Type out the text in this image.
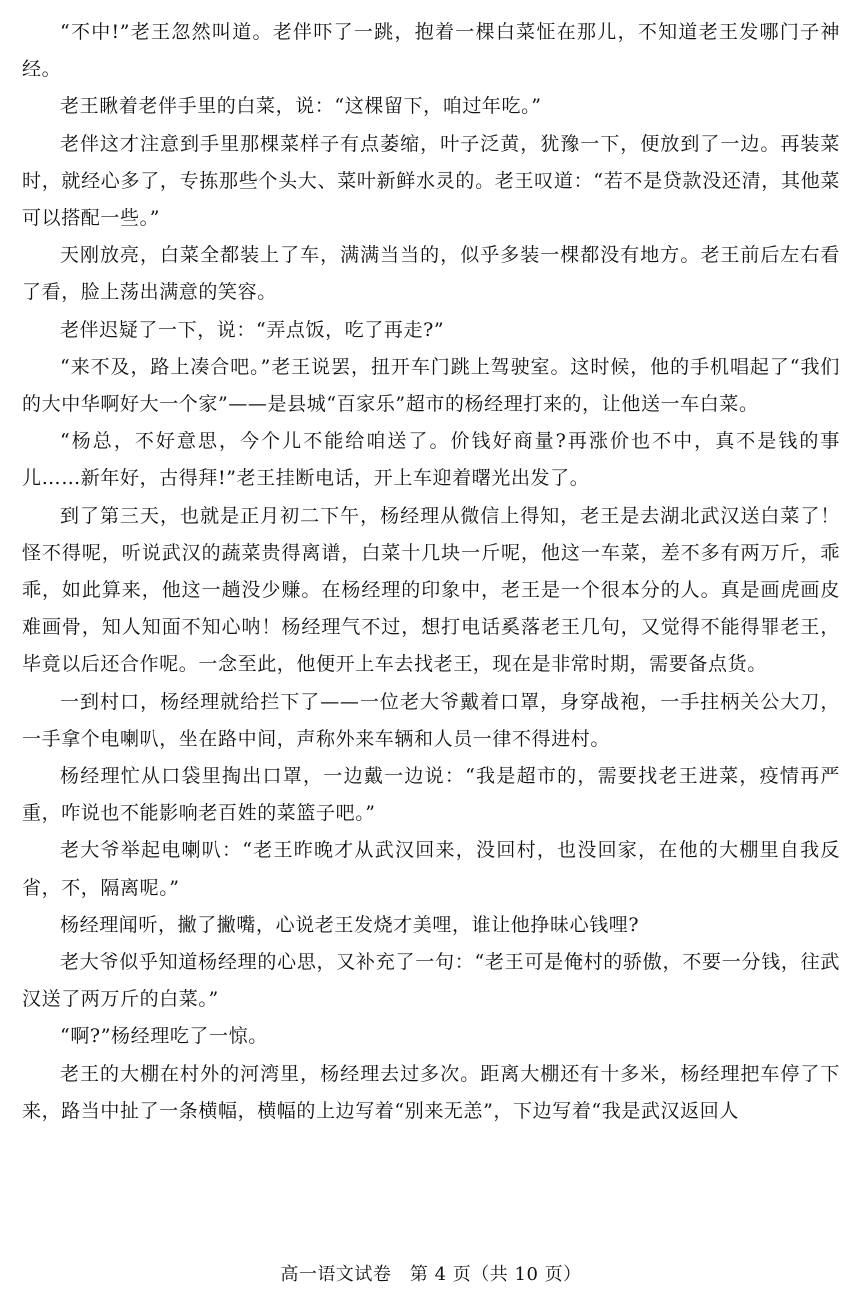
“不中!”老王忽然叫道。老伴吓了一跳，抱着一棵白菜怔在那儿，不知道老王发哪门子神经。

老王瞅着老伴手里的白菜，说：“这棵留下，咱过年吃。”

老伴这才注意到手里那棵菜样子有点萎缩，叶子泛黄，犹豫一下，便放到了一边。再装菜时，就经心多了，专拣那些个头大、菜叶新鲜水灵的。老王叹道：“若不是贷款没还清，其他菜可以搭配一些。”

天刚放亮，白菜全都装上了车，满满当当的，似乎多装一棵都没有地方。老王前后左右看了看，脸上荡出满意的笑容。

老伴迟疑了一下，说：“弄点饭，吃了再走?”

“来不及，路上凑合吧。”老王说罢，扭开车门跳上驾驶室。这时候，他的手机唱起了“我们的大中华啊好大一个家”——是县城“百家乐”超市的杨经理打来的，让他送一车白菜。

“杨总，不好意思，今个儿不能给咱送了。价钱好商量?再涨价也不中，真不是钱的事儿……新年好，古得拜!”老王挂断电话，开上车迎着曙光出发了。

到了第三天，也就是正月初二下午，杨经理从微信上得知，老王是去湖北武汉送白菜了！怪不得呢，听说武汉的蔬菜贵得离谱，白菜十几块一斤呢，他这一车菜，差不多有两万斤，乖乖，如此算来，他这一趟没少赚。在杨经理的印象中，老王是一个很本分的人。真是画虎画皮难画骨，知人知面不知心呐！杨经理气不过，想打电话奚落老王几句，又觉得不能得罪老王，毕竟以后还合作呢。一念至此，他便开上车去找老王，现在是非常时期，需要备点货。

一到村口，杨经理就给拦下了——一位老大爷戴着口罩，身穿战袍，一手拄柄关公大刀，一手拿个电喇叭，坐在路中间，声称外来车辆和人员一律不得进村。

杨经理忙从口袋里掏出口罩，一边戴一边说：“我是超市的，需要找老王进菜，疫情再严重，咋说也不能影响老百姓的菜篮子吧。”

老大爷举起电喇叭：“老王昨晚才从武汉回来，没回村，也没回家，在他的大棚里自我反省，不，隔离呢。”

杨经理闻听，撇了撇嘴，心说老王发烧才美哩，谁让他挣昧心钱哩?

老大爷似乎知道杨经理的心思，又补充了一句：“老王可是俺村的骄傲，不要一分钱，往武汉送了两万斤的白菜。”

“啊?”杨经理吃了一惊。

老王的大棚在村外的河湾里，杨经理去过多次。距离大棚还有十多米，杨经理把车停了下来，路当中扯了一条横幅，横幅的上边写着“别来无恙”，下边写着“我是武汉返回人

高一语文试卷　第 4 页（共 10 页）
